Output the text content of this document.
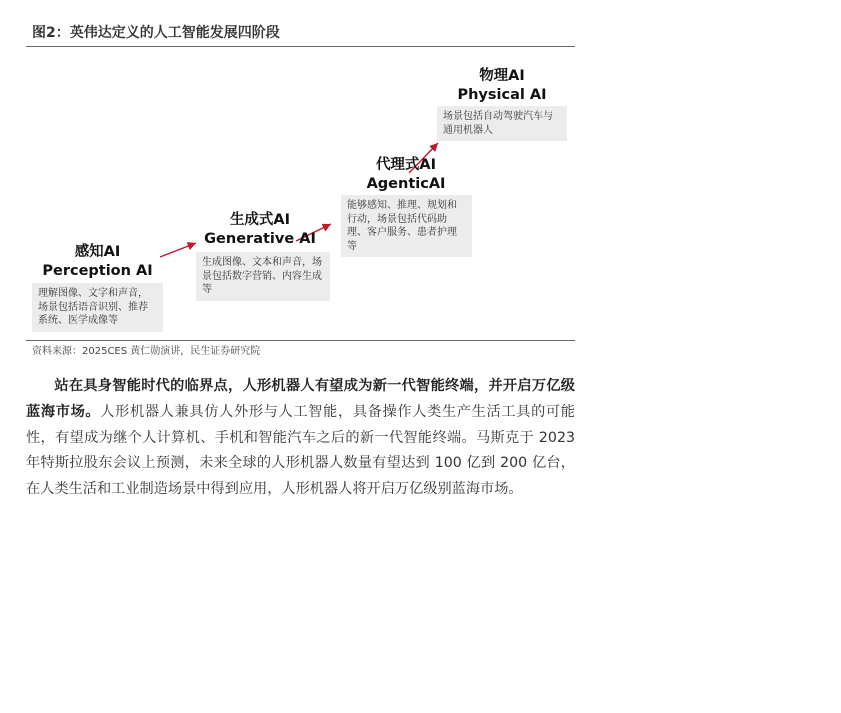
图2：英伟达定义的人工智能发展四阶段
感知AI
Perception AI
理解图像、文字和声音，场景包括语音识别、推荐系统、医学成像等
生成式AI
Generative AI
生成图像、文本和声音，场景包括数字营销、内容生成等
代理式AI
AgenticAI
能够感知、推理、规划和行动，场景包括代码助理、客户服务、患者护理等
物理AI
Physical AI
场景包括自动驾驶汽车与通用机器人
资料来源：2025CES 黄仁勋演讲，民生证券研究院

站在具身智能时代的临界点，人形机器人有望成为新一代智能终端，并开启万亿级蓝海市场。人形机器人兼具仿人外形与人工智能，具备操作人类生产生活工具的可能性，有望成为继个人计算机、手机和智能汽车之后的新一代智能终端。马斯克于 2023 年特斯拉股东会议上预测，未来全球的人形机器人数量有望达到 100 亿到 200 亿台，在人类生活和工业制造场景中得到应用，人形机器人将开启万亿级别蓝海市场。
